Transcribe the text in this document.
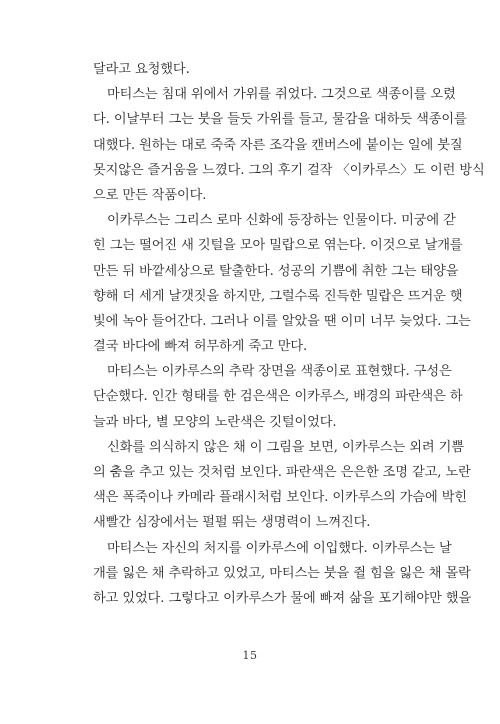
달라고 요청했다.
마티스는 침대 위에서 가위를 쥐었다. 그것으로 색종이를 오렸
다. 이날부터 그는 붓을 들듯 가위를 들고, 물감을 대하듯 색종이를
대했다. 원하는 대로 죽죽 자른 조각을 캔버스에 붙이는 일에 붓질
못지않은 즐거움을 느꼈다. 그의 후기 걸작 〈이카루스〉도 이런 방식
으로 만든 작품이다.
이카루스는 그리스 로마 신화에 등장하는 인물이다. 미궁에 갇
힌 그는 떨어진 새 깃털을 모아 밀랍으로 엮는다. 이것으로 날개를
만든 뒤 바깥세상으로 탈출한다. 성공의 기쁨에 취한 그는 태양을
향해 더 세게 날갯짓을 하지만, 그럴수록 진득한 밀랍은 뜨거운 햇
빛에 녹아 들어간다. 그러나 이를 알았을 땐 이미 너무 늦었다. 그는
결국 바다에 빠져 허무하게 죽고 만다.
마티스는 이카루스의 추락 장면을 색종이로 표현했다. 구성은
단순했다. 인간 형태를 한 검은색은 이카루스, 배경의 파란색은 하
늘과 바다, 별 모양의 노란색은 깃털이었다.
신화를 의식하지 않은 채 이 그림을 보면, 이카루스는 외려 기쁨
의 춤을 추고 있는 것처럼 보인다. 파란색은 은은한 조명 같고, 노란
색은 폭죽이나 카메라 플래시처럼 보인다. 이카루스의 가슴에 박힌
새빨간 심장에서는 펄펄 뛰는 생명력이 느껴진다.
마티스는 자신의 처지를 이카루스에 이입했다. 이카루스는 날
개를 잃은 채 추락하고 있었고, 마티스는 붓을 쥘 힘을 잃은 채 몰락
하고 있었다. 그렇다고 이카루스가 물에 빠져 삶을 포기해야만 했을
15
